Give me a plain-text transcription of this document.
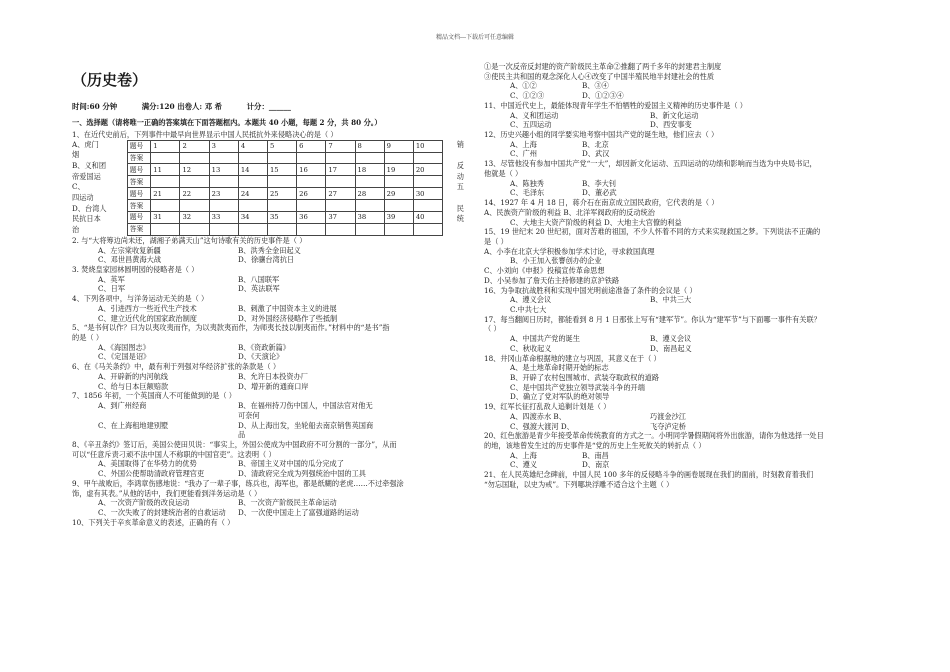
精品文档---下载后可任意编辑
（历史卷）
时间:60 分钟	满分:120 出卷人: 邓 希	计分：______
一、选择题（请将唯一正确的答案填在下面答题框内。本题共 40 小题，每题 2 分，共 80 分。）
1、在近代史前后，下列事件中最早向世界显示中国人民抵抗外来侵略决心的是（ ）
A、虎门
烟
B、义和团
帝爱国运
C、
四运动
D、台湾人
民抗日本
治
题号	1	2	3	4	5	6	7	8	9	10
答案										
题号	11	12	13	14	15	16	17	18	19	20
答案										
题号	21	22	23	24	25	26	27	28	29	30
答案										
题号	31	32	33	34	35	36	37	38	39	40
答案										
销
反
动
五
民
统
2. 与“大将筹边尚未还，湖湘子弟满天山”这句诗歌有关的历史事件是（ ）
A、左宗棠收复新疆	B、洪秀全金田起义
C、邓世昌黄海大战	D、徐骧台湾抗日
3. 焚烧皇家园林圆明园的侵略者是（ ）
A、英军	B、八国联军
C、日军	D、英法联军
4、下列各项中，与洋务运动无关的是（ ）
A、引进西方一些近代生产技术	B、刺激了中国资本主义的进展
C、建立近代化的国家政治制度	D、对外国经济侵略作了些抵制
5、“是书何以作？曰为以夷攻夷而作，为以夷款夷而作，为师夷长技以制夷而作。”材料中的“是书”指
的是（ ）
A、《海国图志》	B、《资政新篇》
C、《定国是诏》	D、《天演论》
6、在《马关条约》中，最有利于列强对华经济扩张的条款是（ ）
A、开辟新的内河航线	B、允许日本投资办厂
C、给与日本巨额赔款	D、增开新的通商口岸
7、1856 年初，一个英国商人不可能做到的是（ ）
A、到广州经商	B、在福州持刀伤中国人，中国法官对他无可奈何
C、在上海租地建别墅	D、从上海出发，坐轮船去南京销售英国商品
8、《辛丑条约》签订后，美国公使田贝说：“事实上，外国公使成为中国政府不可分割的一部分”，从而
可以“任意斥责刁顽不法中国人不称职的中国官吏”。这表明（ ）
A、美国取得了在华势力的优势	B、帝国主义对中国的瓜分完成了
C、外国公使帮助清政府管理官吏	D、清政府完全成为列强统治中国的工具
9、甲午战败后，李鸿章伤感地说：“我办了一辈子事，练兵也，海军也，都是纸糊的老虎……不过牵强涂
饰，虚有其表。”从他的话中，我们更能看到洋务运动是（ ）
A、一次资产阶级的改良运动	B、一次资产阶级民主革命运动
C、一次失败了的封建统治者的自救运动	D、一次使中国走上了富强道路的运动
10、下列关于辛亥革命意义的表述，正确的有（ ）
①是一次反帝反封建的资产阶级民主革命②推翻了两千多年的封建君主制度
③使民主共和国的观念深化人心④改变了中国半殖民地半封建社会的性质
A、①②	B、③④
C、①②③	D、①②③④
11、中国近代史上，最能体现青年学生不怕牺牲的爱国主义精神的历史事件是（ ）
A、义和团运动	B、新文化运动
C、五四运动	D、西安事变
12、历史兴趣小组的同学要实地考察中国共产党的诞生地，他们应去（ ）
A、上海	B、北京
C、广州	D、武汉
13、尽管他没有参加中国共产党“一大”，却因新文化运动、五四运动的功绩和影响而当选为中央局书记，
他就是（ ）
A、陈独秀	B、李大钊
C、毛泽东	D、董必武
14、1927 年 4 月 18 日，蒋介石在南京成立国民政府，它代表的是（ ）
A、民族资产阶级的利益 B、北洋军阀政府的反动统治
C、大地主大资产阶级的利益 D、大地主大官僚的利益
15、19 世纪末 20 世纪初，面对苦难的祖国，不少人怀着不同的方式来实现救国之梦。下列说法不正确的
是（ ）
A、小李在北京大学积极参加学术讨论，寻求救国真理
B、小王加入张謇创办的企业
C、小刘向《申报》投稿宣传革命思想
D、小吴参加了詹天佑主持修建的京沪铁路
16、为争取抗战胜利和实现中国光明前途准备了条件的会议是（ ）
A、遵义会议	B、中共三大
C.中共七大
17、每当翻阅日历时，都能看到 8 月 1 日那张上写有“建军节”。你认为“建军节”与下面哪一事件有关联？
（ ）
A、中国共产党的诞生	B、遵义会议
C、秋收起义	D、南昌起义
18、井冈山革命根据地的建立与巩固，其意义在于（ ）
A、是土地革命时期开始的标志
B、开辟了农村包围城市、武装夺取政权的道路
C、是中国共产党独立领导武装斗争的开端
D、确立了党对军队的绝对领导
19、红军长征打乱敌人追剿计划是（ ）
A、四渡赤水 B、	巧渡金沙江
C、强渡大渡河 D、	飞夺泸定桥
20、红色旅游是青少年接受革命传统教育的方式之一。小明同学暑假期间将外出旅游，请你为他选择一处目
的地，该地曾发生过的历史事件是“党的历史上生死攸关的转折点（ ）
A、上海	B、南昌
C、遵义	D、南京
21、在人民英雄纪念碑前，中国人民 100 多年的反侵略斗争的画卷展现在我们的面前，时刻教育着我们
“勿忘国耻，以史为戒”。下列哪块浮雕不适合这个主题（ ）
